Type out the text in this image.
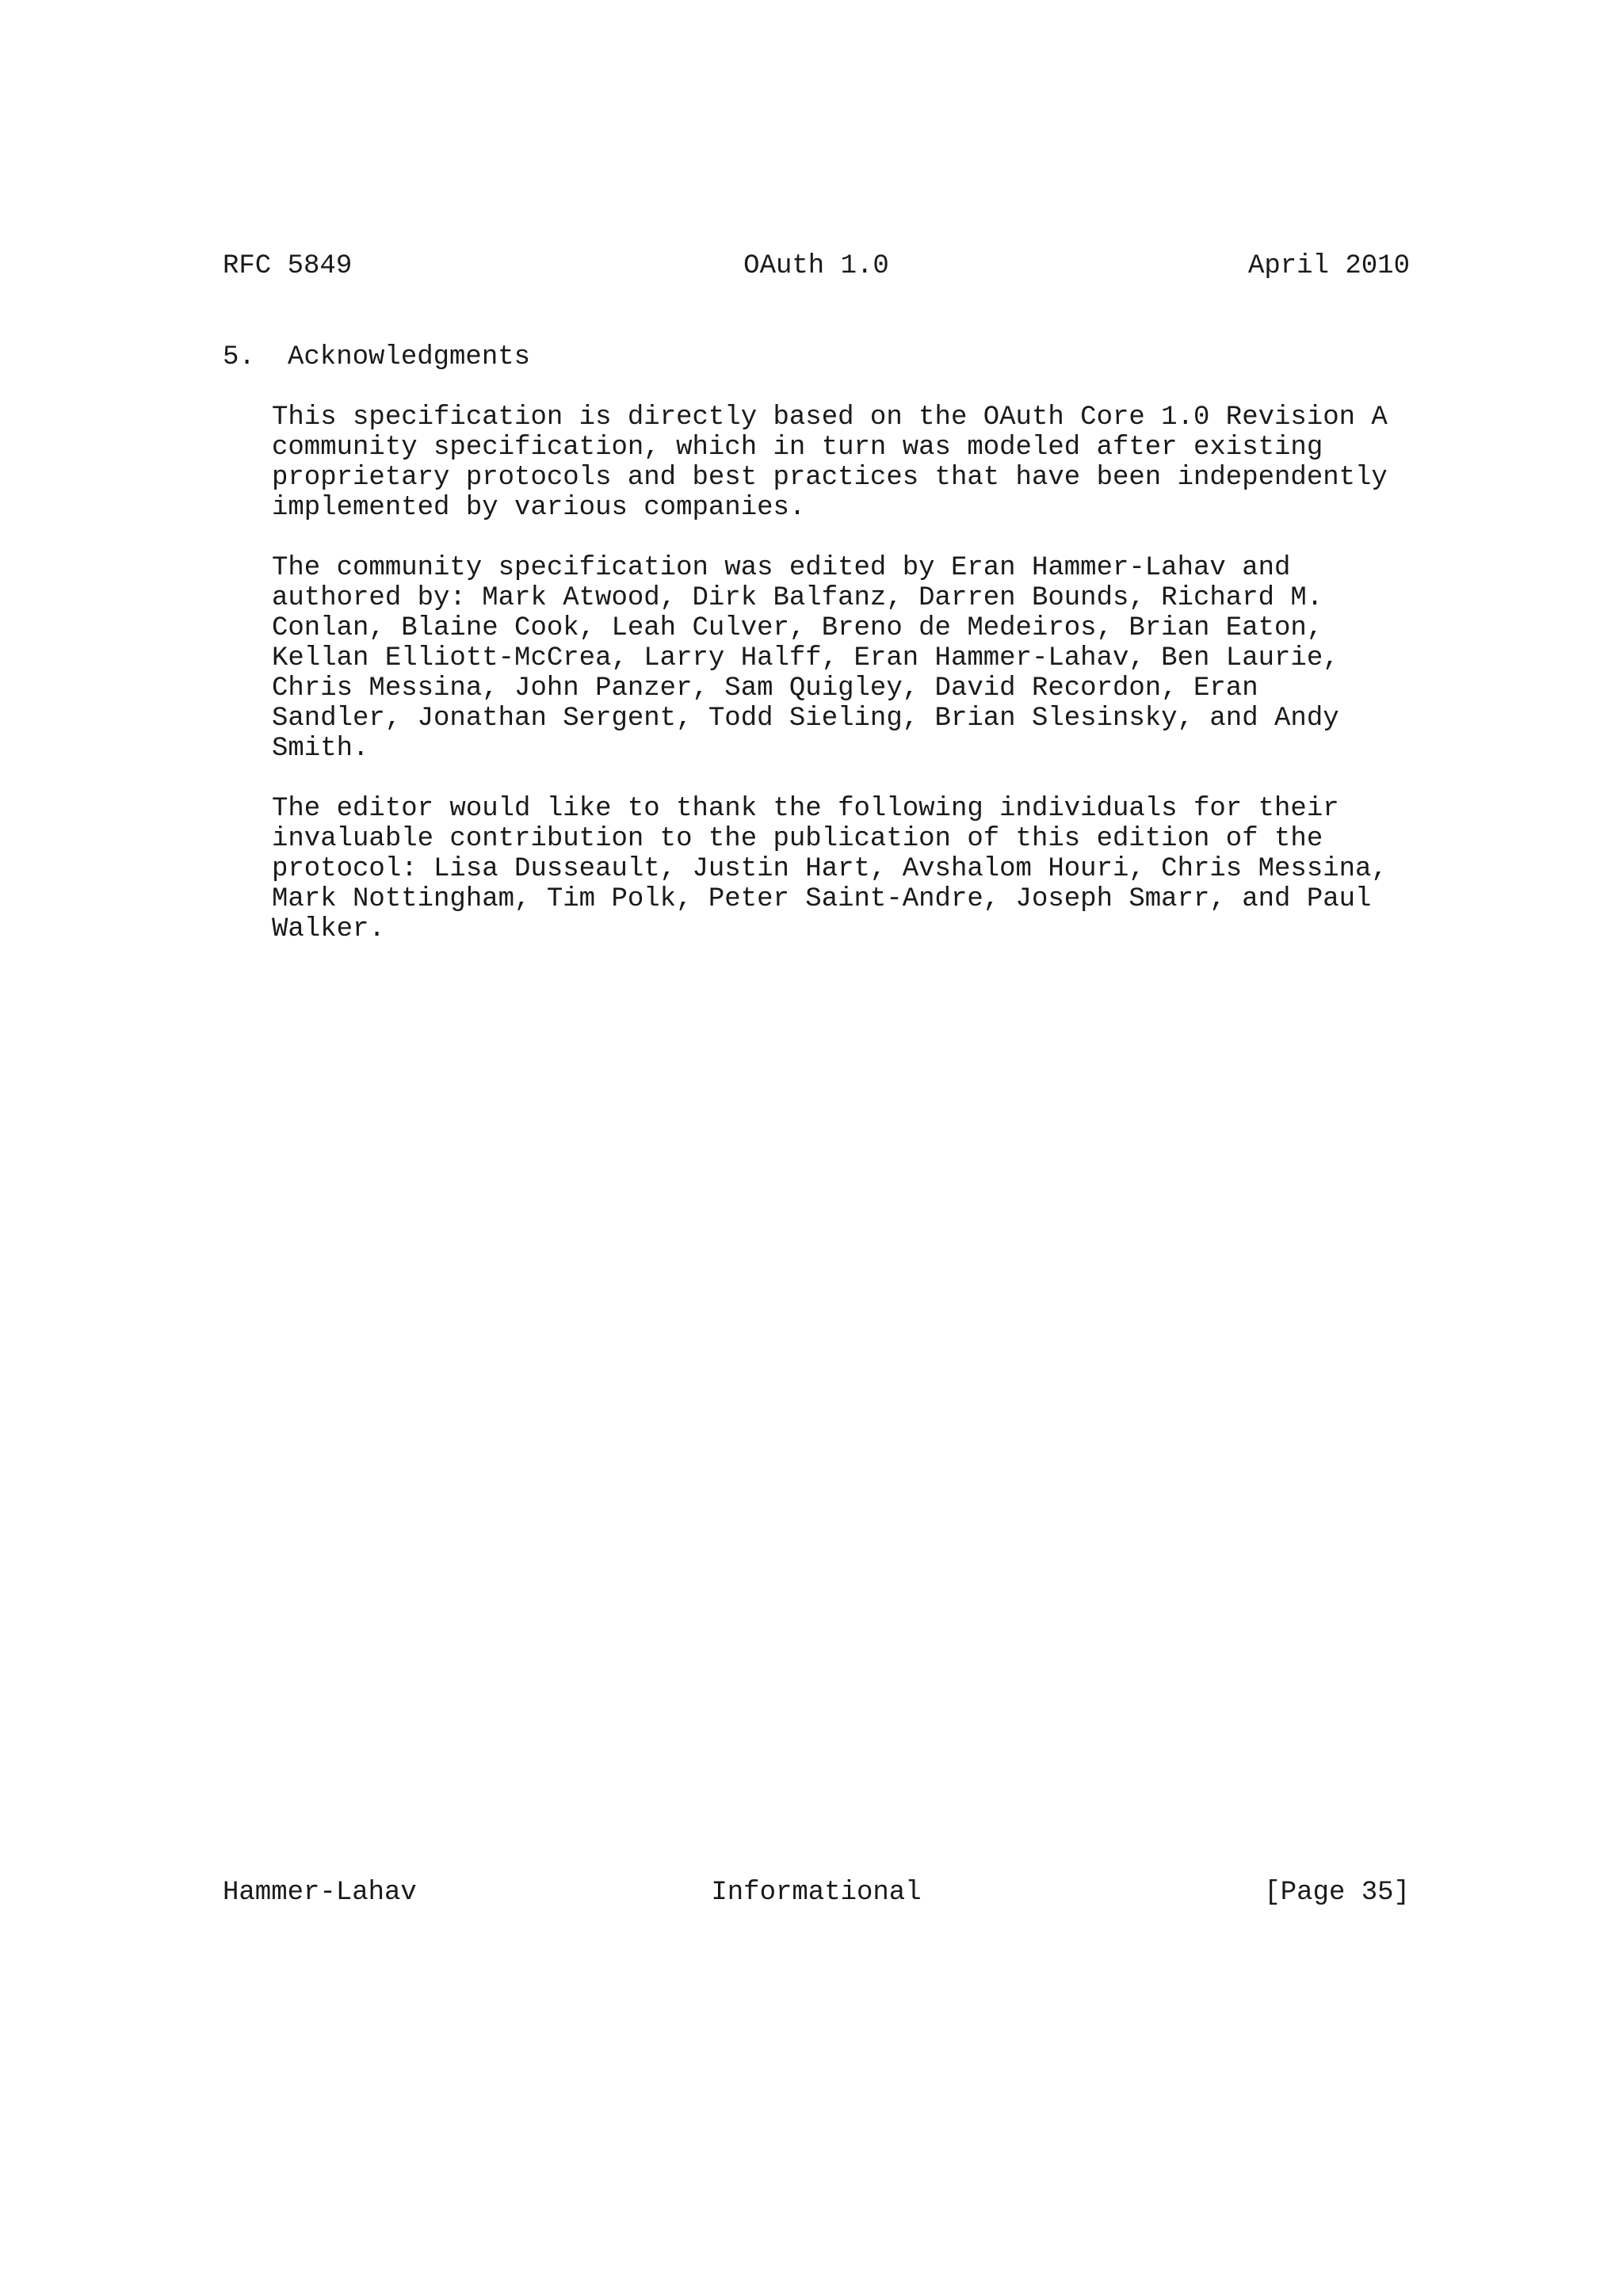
RFC 5849	OAuth 1.0	April 2010
5. Acknowledgments
This specification is directly based on the OAuth Core 1.0 Revision A
community specification, which in turn was modeled after existing
proprietary protocols and best practices that have been independently
implemented by various companies.
The community specification was edited by Eran Hammer-Lahav and
authored by: Mark Atwood, Dirk Balfanz, Darren Bounds, Richard M.
Conlan, Blaine Cook, Leah Culver, Breno de Medeiros, Brian Eaton,
Kellan Elliott-McCrea, Larry Halff, Eran Hammer-Lahav, Ben Laurie,
Chris Messina, John Panzer, Sam Quigley, David Recordon, Eran
Sandler, Jonathan Sergent, Todd Sieling, Brian Slesinsky, and Andy
Smith.
The editor would like to thank the following individuals for their
invaluable contribution to the publication of this edition of the
protocol: Lisa Dusseault, Justin Hart, Avshalom Houri, Chris Messina,
Mark Nottingham, Tim Polk, Peter Saint-Andre, Joseph Smarr, and Paul
Walker.
Hammer-Lahav	Informational	[Page 35]
